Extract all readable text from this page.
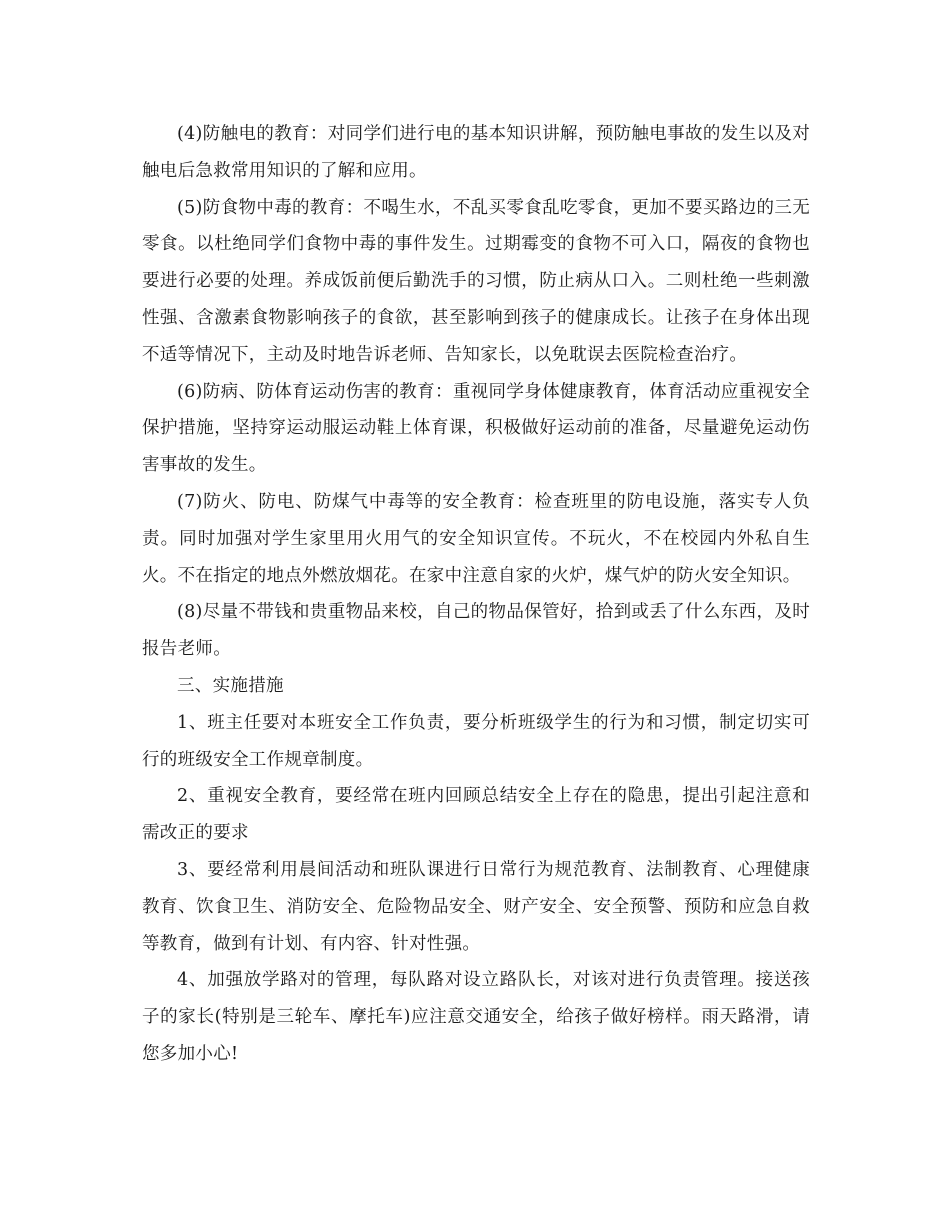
(4)防触电的教育：对同学们进行电的基本知识讲解，预防触电事故的发生以及对触电后急救常用知识的了解和应用。

(5)防食物中毒的教育：不喝生水，不乱买零食乱吃零食，更加不要买路边的三无零食。以杜绝同学们食物中毒的事件发生。过期霉变的食物不可入口，隔夜的食物也要进行必要的处理。养成饭前便后勤洗手的习惯，防止病从口入。二则杜绝一些刺激性强、含激素食物影响孩子的食欲，甚至影响到孩子的健康成长。让孩子在身体出现不适等情况下，主动及时地告诉老师、告知家长，以免耽误去医院检查治疗。

(6)防病、防体育运动伤害的教育：重视同学身体健康教育，体育活动应重视安全保护措施，坚持穿运动服运动鞋上体育课，积极做好运动前的准备，尽量避免运动伤害事故的发生。

(7)防火、防电、防煤气中毒等的安全教育：检查班里的防电设施，落实专人负责。同时加强对学生家里用火用气的安全知识宣传。不玩火，不在校园内外私自生火。不在指定的地点外燃放烟花。在家中注意自家的火炉，煤气炉的防火安全知识。

(8)尽量不带钱和贵重物品来校，自己的物品保管好，拾到或丢了什么东西，及时报告老师。

三、实施措施

1、班主任要对本班安全工作负责，要分析班级学生的行为和习惯，制定切实可行的班级安全工作规章制度。

2、重视安全教育，要经常在班内回顾总结安全上存在的隐患，提出引起注意和需改正的要求

3、要经常利用晨间活动和班队课进行日常行为规范教育、法制教育、心理健康教育、饮食卫生、消防安全、危险物品安全、财产安全、安全预警、预防和应急自救等教育，做到有计划、有内容、针对性强。

4、加强放学路对的管理，每队路对设立路队长，对该对进行负责管理。接送孩子的家长(特别是三轮车、摩托车)应注意交通安全，给孩子做好榜样。雨天路滑，请您多加小心!
